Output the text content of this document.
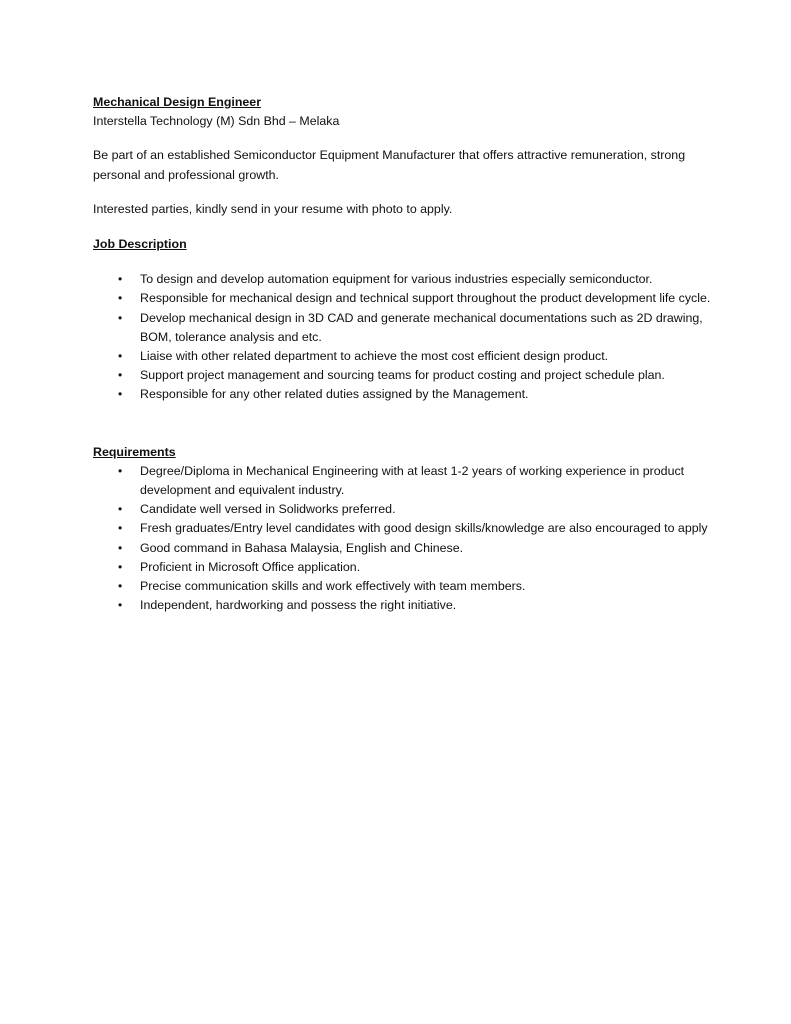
Mechanical Design Engineer

Interstella Technology (M) Sdn Bhd – Melaka

Be part of an established Semiconductor Equipment Manufacturer that offers attractive remuneration, strong personal and professional growth.

Interested parties, kindly send in your resume with photo to apply.

Job Description

• To design and develop automation equipment for various industries especially semiconductor.
• Responsible for mechanical design and technical support throughout the product development life cycle.
• Develop mechanical design in 3D CAD and generate mechanical documentations such as 2D drawing, BOM, tolerance analysis and etc.
• Liaise with other related department to achieve the most cost efficient design product.
• Support project management and sourcing teams for product costing and project schedule plan.
• Responsible for any other related duties assigned by the Management.

Requirements

• Degree/Diploma in Mechanical Engineering with at least 1-2 years of working experience in product development and equivalent industry.
• Candidate well versed in Solidworks preferred.
• Fresh graduates/Entry level candidates with good design skills/knowledge are also encouraged to apply
• Good command in Bahasa Malaysia, English and Chinese.
• Proficient in Microsoft Office application.
• Precise communication skills and work effectively with team members.
• Independent, hardworking and possess the right initiative.
